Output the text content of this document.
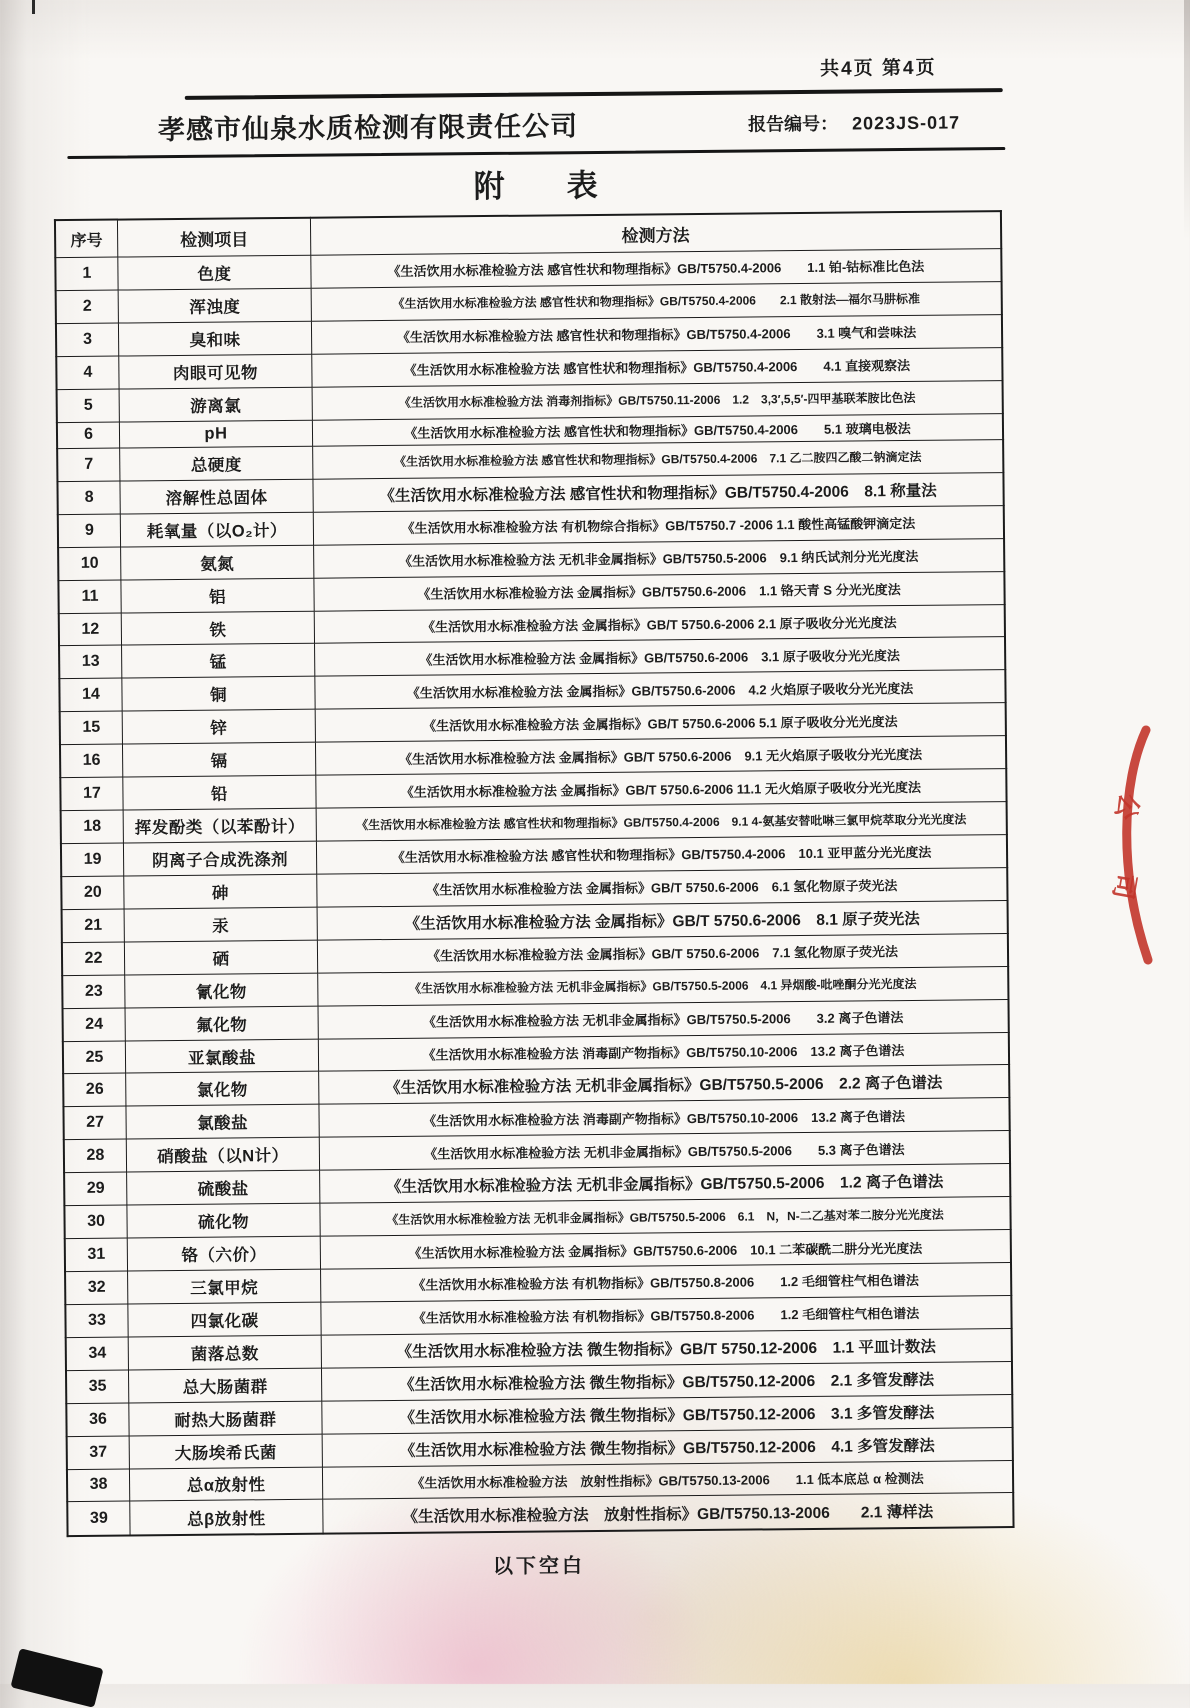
共4页 第4页
孝感市仙泉水质检测有限责任公司	报告编号： 2023JS-017
附　　表
序号	检测项目	检测方法
1	色度	《生活饮用水标准检验方法 感官性状和物理指标》GB/T5750.4-2006　　1.1 铂-钴标准比色法
2	浑浊度	《生活饮用水标准检验方法 感官性状和物理指标》GB/T5750.4-2006　　2.1 散射法—福尔马肼标准
3	臭和味	《生活饮用水标准检验方法 感官性状和物理指标》GB/T5750.4-2006　　3.1 嗅气和尝味法
4	肉眼可见物	《生活饮用水标准检验方法 感官性状和物理指标》GB/T5750.4-2006　　4.1 直接观察法
5	游离氯	《生活饮用水标准检验方法 消毒剂指标》GB/T5750.11-2006　1.2　3,3′,5,5′-四甲基联苯胺比色法
6	pH	《生活饮用水标准检验方法 感官性状和物理指标》GB/T5750.4-2006　　5.1 玻璃电极法
7	总硬度	《生活饮用水标准检验方法 感官性状和物理指标》GB/T5750.4-2006　7.1 乙二胺四乙酸二钠滴定法
8	溶解性总固体	《生活饮用水标准检验方法 感官性状和物理指标》GB/T5750.4-2006　8.1 称量法
9	耗氧量（以O₂计）	《生活饮用水标准检验方法 有机物综合指标》GB/T5750.7 -2006 1.1 酸性高锰酸钾滴定法
10	氨氮	《生活饮用水标准检验方法 无机非金属指标》GB/T5750.5-2006　9.1 纳氏试剂分光光度法
11	铝	《生活饮用水标准检验方法 金属指标》GB/T5750.6-2006　1.1 铬天青 S 分光光度法
12	铁	《生活饮用水标准检验方法 金属指标》GB/T 5750.6-2006 2.1 原子吸收分光光度法
13	锰	《生活饮用水标准检验方法 金属指标》GB/T5750.6-2006　3.1 原子吸收分光光度法
14	铜	《生活饮用水标准检验方法 金属指标》GB/T5750.6-2006　4.2 火焰原子吸收分光光度法
15	锌	《生活饮用水标准检验方法 金属指标》GB/T 5750.6-2006 5.1 原子吸收分光光度法
16	镉	《生活饮用水标准检验方法 金属指标》GB/T 5750.6-2006　9.1 无火焰原子吸收分光光度法
17	铅	《生活饮用水标准检验方法 金属指标》GB/T 5750.6-2006 11.1 无火焰原子吸收分光光度法
18	挥发酚类（以苯酚计）	《生活饮用水标准检验方法 感官性状和物理指标》GB/T5750.4-2006　9.1 4-氨基安替吡啉三氯甲烷萃取分光光度法
19	阴离子合成洗涤剂	《生活饮用水标准检验方法 感官性状和物理指标》GB/T5750.4-2006　10.1 亚甲蓝分光光度法
20	砷	《生活饮用水标准检验方法 金属指标》GB/T 5750.6-2006　6.1 氢化物原子荧光法
21	汞	《生活饮用水标准检验方法 金属指标》GB/T 5750.6-2006　8.1 原子荧光法
22	硒	《生活饮用水标准检验方法 金属指标》GB/T 5750.6-2006　7.1 氢化物原子荧光法
23	氰化物	《生活饮用水标准检验方法 无机非金属指标》GB/T5750.5-2006　4.1 异烟酸-吡唑酮分光光度法
24	氟化物	《生活饮用水标准检验方法 无机非金属指标》GB/T5750.5-2006　　3.2 离子色谱法
25	亚氯酸盐	《生活饮用水标准检验方法 消毒副产物指标》GB/T5750.10-2006　13.2 离子色谱法
26	氯化物	《生活饮用水标准检验方法 无机非金属指标》GB/T5750.5-2006　2.2 离子色谱法
27	氯酸盐	《生活饮用水标准检验方法 消毒副产物指标》GB/T5750.10-2006　13.2 离子色谱法
28	硝酸盐（以N计）	《生活饮用水标准检验方法 无机非金属指标》GB/T5750.5-2006　　5.3 离子色谱法
29	硫酸盐	《生活饮用水标准检验方法 无机非金属指标》GB/T5750.5-2006　1.2 离子色谱法
30	硫化物	《生活饮用水标准检验方法 无机非金属指标》GB/T5750.5-2006　6.1　N，N-二乙基对苯二胺分光光度法
31	铬（六价）	《生活饮用水标准检验方法 金属指标》GB/T5750.6-2006　10.1 二苯碳酰二肼分光光度法
32	三氯甲烷	《生活饮用水标准检验方法 有机物指标》GB/T5750.8-2006　　1.2 毛细管柱气相色谱法
33	四氯化碳	《生活饮用水标准检验方法 有机物指标》GB/T5750.8-2006　　1.2 毛细管柱气相色谱法
34	菌落总数	《生活饮用水标准检验方法 微生物指标》GB/T 5750.12-2006　1.1 平皿计数法
35	总大肠菌群	《生活饮用水标准检验方法 微生物指标》GB/T5750.12-2006　2.1 多管发酵法
36	耐热大肠菌群	《生活饮用水标准检验方法 微生物指标》GB/T5750.12-2006　3.1 多管发酵法
37	大肠埃希氏菌	《生活饮用水标准检验方法 微生物指标》GB/T5750.12-2006　4.1 多管发酵法
38	总α放射性	《生活饮用水标准检验方法　放射性指标》GB/T5750.13-2006　　1.1 低本底总 α 检测法
39	总β放射性	《生活饮用水标准检验方法　放射性指标》GB/T5750.13-2006　　2.1 薄样法
以下空白
公
司
